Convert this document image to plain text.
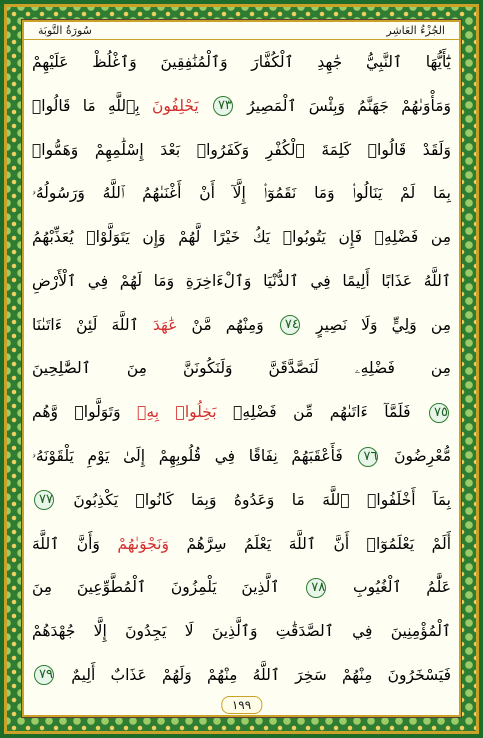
سُورَةُ التَّوبَة	الجُزْءُ العَاشِر
يَٰٓأَيُّهَا ٱلنَّبِيُّ جَٰهِدِ ٱلْكُفَّارَ وَٱلْمُنَٰفِقِينَ وَٱغْلُظْ عَلَيْهِمْ
وَمَأْوَىٰهُمْ جَهَنَّمُ وَبِئْسَ ٱلْمَصِيرُ ٧٣ يَحْلِفُونَ بِٱللَّهِ مَا قَالُوا۟
وَلَقَدْ قَالُوا۟ كَلِمَةَ ٱلْكُفْرِ وَكَفَرُوا۟ بَعْدَ إِسْلَٰمِهِمْ وَهَمُّوا۟
بِمَا لَمْ يَنَالُوا۟ وَمَا نَقَمُوٓا۟ إِلَّآ أَنْ أَغْنَىٰهُمُ ٱللَّهُ وَرَسُولُهُۥ
مِن فَضْلِهِۦ فَإِن يَتُوبُوا۟ يَكُ خَيْرًا لَّهُمْ وَإِن يَتَوَلَّوْا۟ يُعَذِّبْهُمُ
ٱللَّهُ عَذَابًا أَلِيمًا فِي ٱلدُّنْيَا وَٱلْءَاخِرَةِ وَمَا لَهُمْ فِي ٱلْأَرْضِ
مِن وَلِيٍّ وَلَا نَصِيرٍ ٧٤ وَمِنْهُم مَّنْ عَٰهَدَ ٱللَّهَ لَئِنْ ءَاتَىٰنَا
مِن فَضْلِهِۦ لَنَصَّدَّقَنَّ وَلَنَكُونَنَّ مِنَ ٱلصَّٰلِحِينَ
٧٥ فَلَمَّآ ءَاتَىٰهُم مِّن فَضْلِهِۦ بَخِلُوا۟ بِهِۦ وَتَوَلَّوا۟ وَّهُم
مُّعْرِضُونَ ٧٦ فَأَعْقَبَهُمْ نِفَاقًا فِي قُلُوبِهِمْ إِلَىٰ يَوْمِ يَلْقَوْنَهُۥ
بِمَآ أَخْلَفُوا۟ ٱللَّهَ مَا وَعَدُوهُ وَبِمَا كَانُوا۟ يَكْذِبُونَ ٧٧
أَلَمْ يَعْلَمُوٓا۟ أَنَّ ٱللَّهَ يَعْلَمُ سِرَّهُمْ وَنَجْوَىٰهُمْ وَأَنَّ ٱللَّهَ
عَلَّٰمُ ٱلْغُيُوبِ ٧٨ ٱلَّذِينَ يَلْمِزُونَ ٱلْمُطَّوِّعِينَ مِنَ
ٱلْمُؤْمِنِينَ فِي ٱلصَّدَقَٰتِ وَٱلَّذِينَ لَا يَجِدُونَ إِلَّا جُهْدَهُمْ
فَيَسْخَرُونَ مِنْهُمْ سَخِرَ ٱللَّهُ مِنْهُمْ وَلَهُمْ عَذَابٌ أَلِيمٌ ٧٩
١٩٩
